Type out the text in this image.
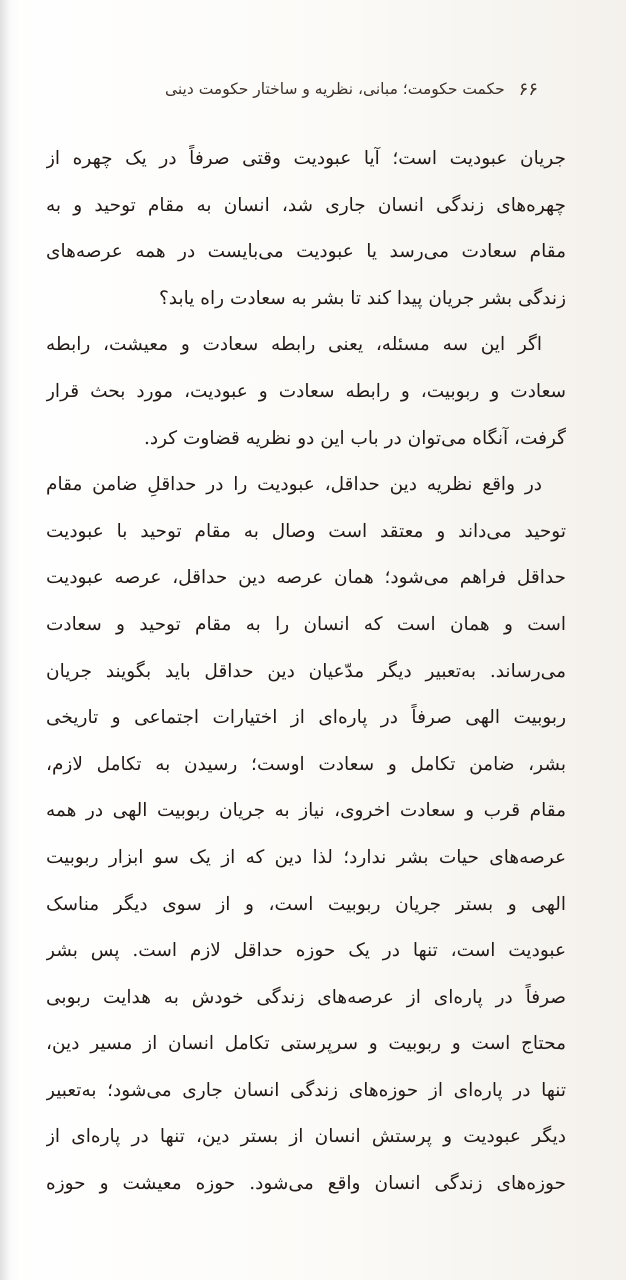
۶۶
حکمت حکومت؛ مبانی، نظریه و ساختار حکومت دینی
جریان عبودیت است؛ آیا عبودیت وقتی صرفاً در یک چهره از
چهره‌های زندگی انسان جاری شد، انسان به مقام توحید و به
مقام سعادت می‌رسد یا عبودیت می‌بایست در همه عرصه‌های
زندگی بشر جریان پیدا کند تا بشر به سعادت راه یابد؟
اگر این سه مسئله، یعنی رابطه سعادت و معیشت، رابطه
سعادت و ربوبیت، و رابطه سعادت و عبودیت، مورد بحث قرار
گرفت، آنگاه می‌توان در باب این دو نظریه قضاوت کرد.
در واقع نظریه دین حداقل، عبودیت را در حداقلِ ضامن مقام
توحید می‌داند و معتقد است وصال به مقام توحید با عبودیت
حداقل فراهم می‌شود؛ همان عرصه دین حداقل، عرصه عبودیت
است و همان است که انسان را به مقام توحید و سعادت
می‌رساند. به‌تعبیر دیگر مدّعیان دین حداقل باید بگویند جریان
ربوبیت الهی صرفاً در پاره‌ای از اختیارات اجتماعی و تاریخی
بشر، ضامن تکامل و سعادت اوست؛ رسیدن به تکامل لازم،
مقام قرب و سعادت اخروی، نیاز به جریان ربوبیت الهی در همه
عرصه‌های حیات بشر ندارد؛ لذا دین که از یک سو ابزار ربوبیت
الهی و بستر جریان ربوبیت است، و از سوی دیگر مناسک
عبودیت است، تنها در یک حوزه حداقل لازم است. پس بشر
صرفاً در پاره‌ای از عرصه‌های زندگی خودش به هدایت ربوبی
محتاج است و ربوبیت و سرپرستی تکامل انسان از مسیر دین،
تنها در پاره‌ای از حوزه‌های زندگی انسان جاری می‌شود؛ به‌تعبیر
دیگر عبودیت و پرستش انسان از بستر دین، تنها در پاره‌ای از
حوزه‌های زندگی انسان واقع می‌شود. حوزه معیشت و حوزه
